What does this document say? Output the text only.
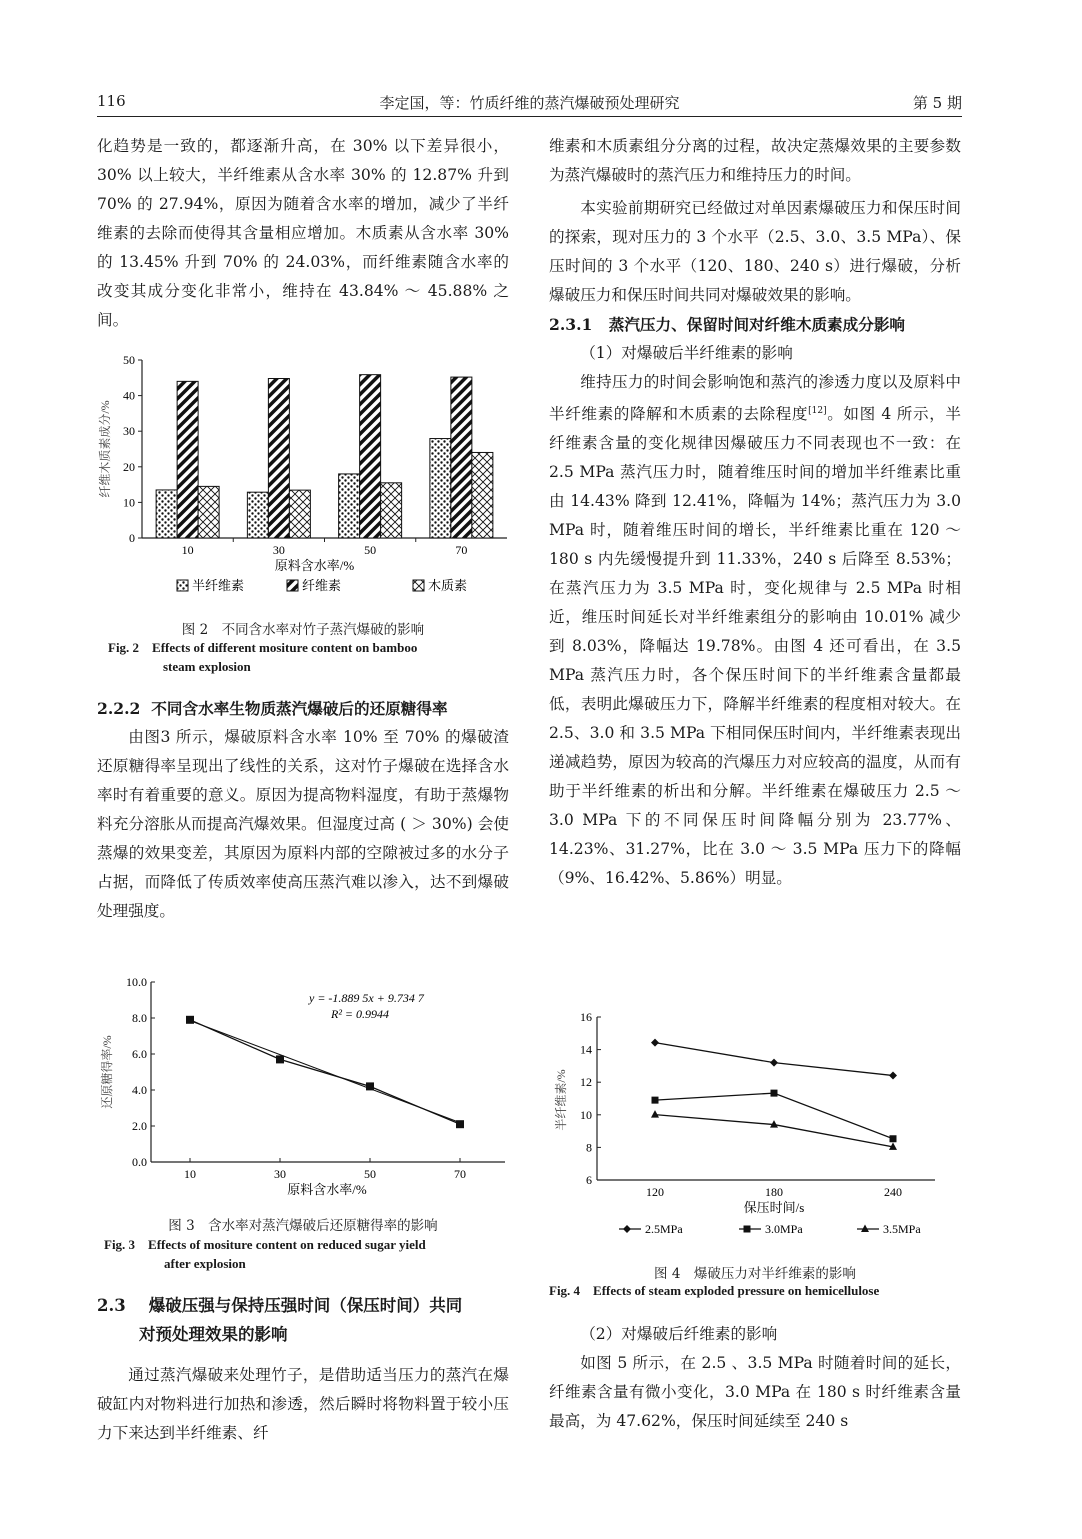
116	李定国，等：竹质纤维的蒸汽爆破预处理研究	第 5 期

化趋势是一致的，都逐渐升高，在 30% 以下差异很小，30% 以上较大，半纤维素从含水率 30% 的 12.87% 升到 70% 的 27.94%，原因为随着含水率的增加，减少了半纤维素的去除而使得其含量相应增加。木质素从含水率 30% 的 13.45% 升到 70% 的 24.03%，而纤维素随含水率的改变其成分变化非常小，维持在 43.84% ～ 45.88% 之间。

0
10
20
30
40
50
纤维木质素成分/%
10	30	50	70
原料含水率/%
半纤维素	纤维素	木质素
图 2　不同含水率对竹子蒸汽爆破的影响
Fig. 2　Effects of different mositure content on bamboo
steam explosion

2.2.2 不同含水率生物质蒸汽爆破后的还原糖得率

由图3 所示，爆破原料含水率 10% 至 70% 的爆破渣还原糖得率呈现出了线性的关系，这对竹子爆破在选择含水率时有着重要的意义。原因为提高物料湿度，有助于蒸爆物料充分溶胀从而提高汽爆效果。但湿度过高 ( ＞ 30%) 会使蒸爆的效果变差，其原因为原料内部的空隙被过多的水分子占据，而降低了传质效率使高压蒸汽难以渗入，达不到爆破处理强度。

0.0
2.0
4.0
6.0
8.0
10.0
10	30	50	70
原料含水率/%
还原糖得率/%
y = -1.889 5x + 9.734 7
R² = 0.9944
图 3　含水率对蒸汽爆破后还原糖得率的影响
Fig. 3　Effects of mositure content on reduced sugar yield
after explosion
2.3 爆破压强与保持压强时间（保压时间）共同
对预处理效果的影响

通过蒸汽爆破来处理竹子，是借助适当压力的蒸汽在爆破缸内对物料进行加热和渗透，然后瞬时将物料置于较小压力下来达到半纤维素、纤

维素和木质素组分分离的过程，故决定蒸爆效果的主要参数为蒸汽爆破时的蒸汽压力和维持压力的时间。

本实验前期研究已经做过对单因素爆破压力和保压时间的探索，现对压力的 3 个水平（2.5、3.0、3.5 MPa）、保压时间的 3 个水平（120、180、240 s）进行爆破，分析爆破压力和保压时间共同对爆破效果的影响。

2.3.1 蒸汽压力、保留时间对纤维木质素成分影响

（1）对爆破后半纤维素的影响

维持压力的时间会影响饱和蒸汽的渗透力度以及原料中半纤维素的降解和木质素的去除程度[12]。如图 4 所示，半纤维素含量的变化规律因爆破压力不同表现也不一致：在 2.5 MPa 蒸汽压力时，随着维压时间的增加半纤维素比重由 14.43% 降到 12.41%，降幅为 14%；蒸汽压力为 3.0 MPa 时，随着维压时间的增长，半纤维素比重在 120 ～ 180 s 内先缓慢提升到 11.33%，240 s 后降至 8.53%；在蒸汽压力为 3.5 MPa 时，变化规律与 2.5 MPa 时相近，维压时间延长对半纤维素组分的影响由 10.01% 减少到 8.03%，降幅达 19.78%。由图 4 还可看出，在 3.5 MPa 蒸汽压力时，各个保压时间下的半纤维素含量都最低，表明此爆破压力下，降解半纤维素的程度相对较大。在 2.5、3.0 和 3.5 MPa 下相同保压时间内，半纤维素表现出递减趋势，原因为较高的汽爆压力对应较高的温度，从而有助于半纤维素的析出和分解。半纤维素在爆破压力 2.5 ～ 3.0 MPa 下的不同保压时间降幅分别为 23.77%、14.23%、31.27%，比在 3.0 ～ 3.5 MPa 压力下的降幅（9%、16.42%、5.86%）明显。

6
8
10
12
14
16
120	180	240
保压时间/s
半纤维素/%
2.5MPa	3.0MPa	3.5MPa
图 4　爆破压力对半纤维素的影响
Fig. 4　Effects of steam exploded pressure on hemicellulose

（2）对爆破后纤维素的影响

如图 5 所示，在 2.5 、3.5 MPa 时随着时间的延长，纤维素含量有微小变化，3.0 MPa 在 180 s 时纤维素含量最高，为 47.62%，保压时间延续至 240 s
